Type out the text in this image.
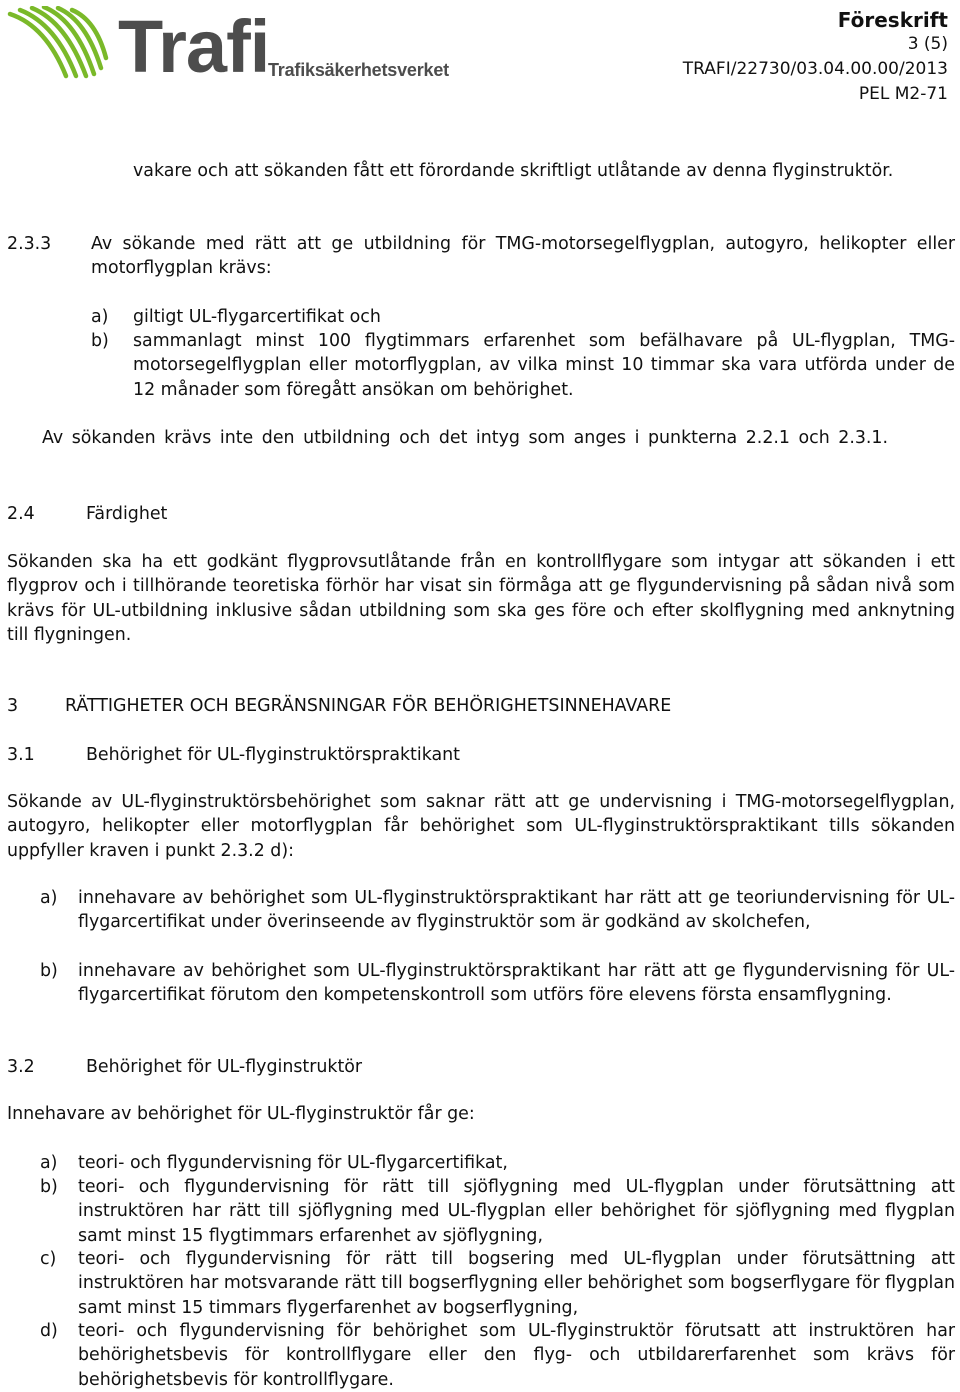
Trafi
Trafiksäkerhetsverket
Föreskrift
3 (5)
TRAFI/22730/03.04.00.00/2013
PEL M2-71

vakare och att sökanden fått ett förordande skriftligt utlåtande av denna flyginstruktör.

2.3.3 Av sökande med rätt att ge utbildning för TMG-motorsegelflygplan, autogyro, helikopter eller motorflygplan krävs:

a) giltigt UL-flygarcertifikat och

b) sammanlagt minst 100 flygtimmars erfarenhet som befälhavare på UL-flygplan, TMG-motorsegelflygplan eller motorflygplan, av vilka minst 10 timmar ska vara utförda under de 12 månader som föregått ansökan om behörighet.

Av sökanden krävs inte den utbildning och det intyg som anges i punkterna 2.2.1 och 2.3.1.

2.4	Färdighet

Sökanden ska ha ett godkänt flygprovsutlåtande från en kontrollflygare som intygar att sökanden i ett flygprov och i tillhörande teoretiska förhör har visat sin förmåga att ge flygundervisning på sådan nivå som krävs för UL-utbildning inklusive sådan utbildning som ska ges före och efter skolflygning med anknytning till flygningen.

3	RÄTTIGHETER OCH BEGRÄNSNINGAR FÖR BEHÖRIGHETSINNEHAVARE
3.1	Behörighet för UL-flyginstruktörspraktikant

Sökande av UL-flyginstruktörsbehörighet som saknar rätt att ge undervisning i TMG-motorsegelflygplan, autogyro, helikopter eller motorflygplan får behörighet som UL-flyginstruktörspraktikant tills sökanden uppfyller kraven i punkt 2.3.2 d):

a) innehavare av behörighet som UL-flyginstruktörspraktikant har rätt att ge teoriundervisning för UL-flygarcertifikat under överinseende av flyginstruktör som är godkänd av skolchefen,

b) innehavare av behörighet som UL-flyginstruktörspraktikant har rätt att ge flygundervisning för UL-flygarcertifikat förutom den kompetenskontroll som utförs före elevens första ensamflygning.

3.2	Behörighet för UL-flyginstruktör

Innehavare av behörighet för UL-flyginstruktör får ge:

a) teori- och flygundervisning för UL-flygarcertifikat,

b) teori- och flygundervisning för rätt till sjöflygning med UL-flygplan under förutsättning att instruktören har rätt till sjöflygning med UL-flygplan eller behörighet för sjöflygning med flygplan samt minst 15 flygtimmars erfarenhet av sjöflygning,

c) teori- och flygundervisning för rätt till bogsering med UL-flygplan under förutsättning att instruktören har motsvarande rätt till bogserflygning eller behörighet som bogserflygare för flygplan samt minst 15 timmars flygerfarenhet av bogserflygning,

d) teori- och flygundervisning för behörighet som UL-flyginstruktör förutsatt att instruktören har behörighetsbevis för kontrollflygare eller den flyg- och utbildarerfarenhet som krävs för behörighetsbevis för kontrollflygare.
